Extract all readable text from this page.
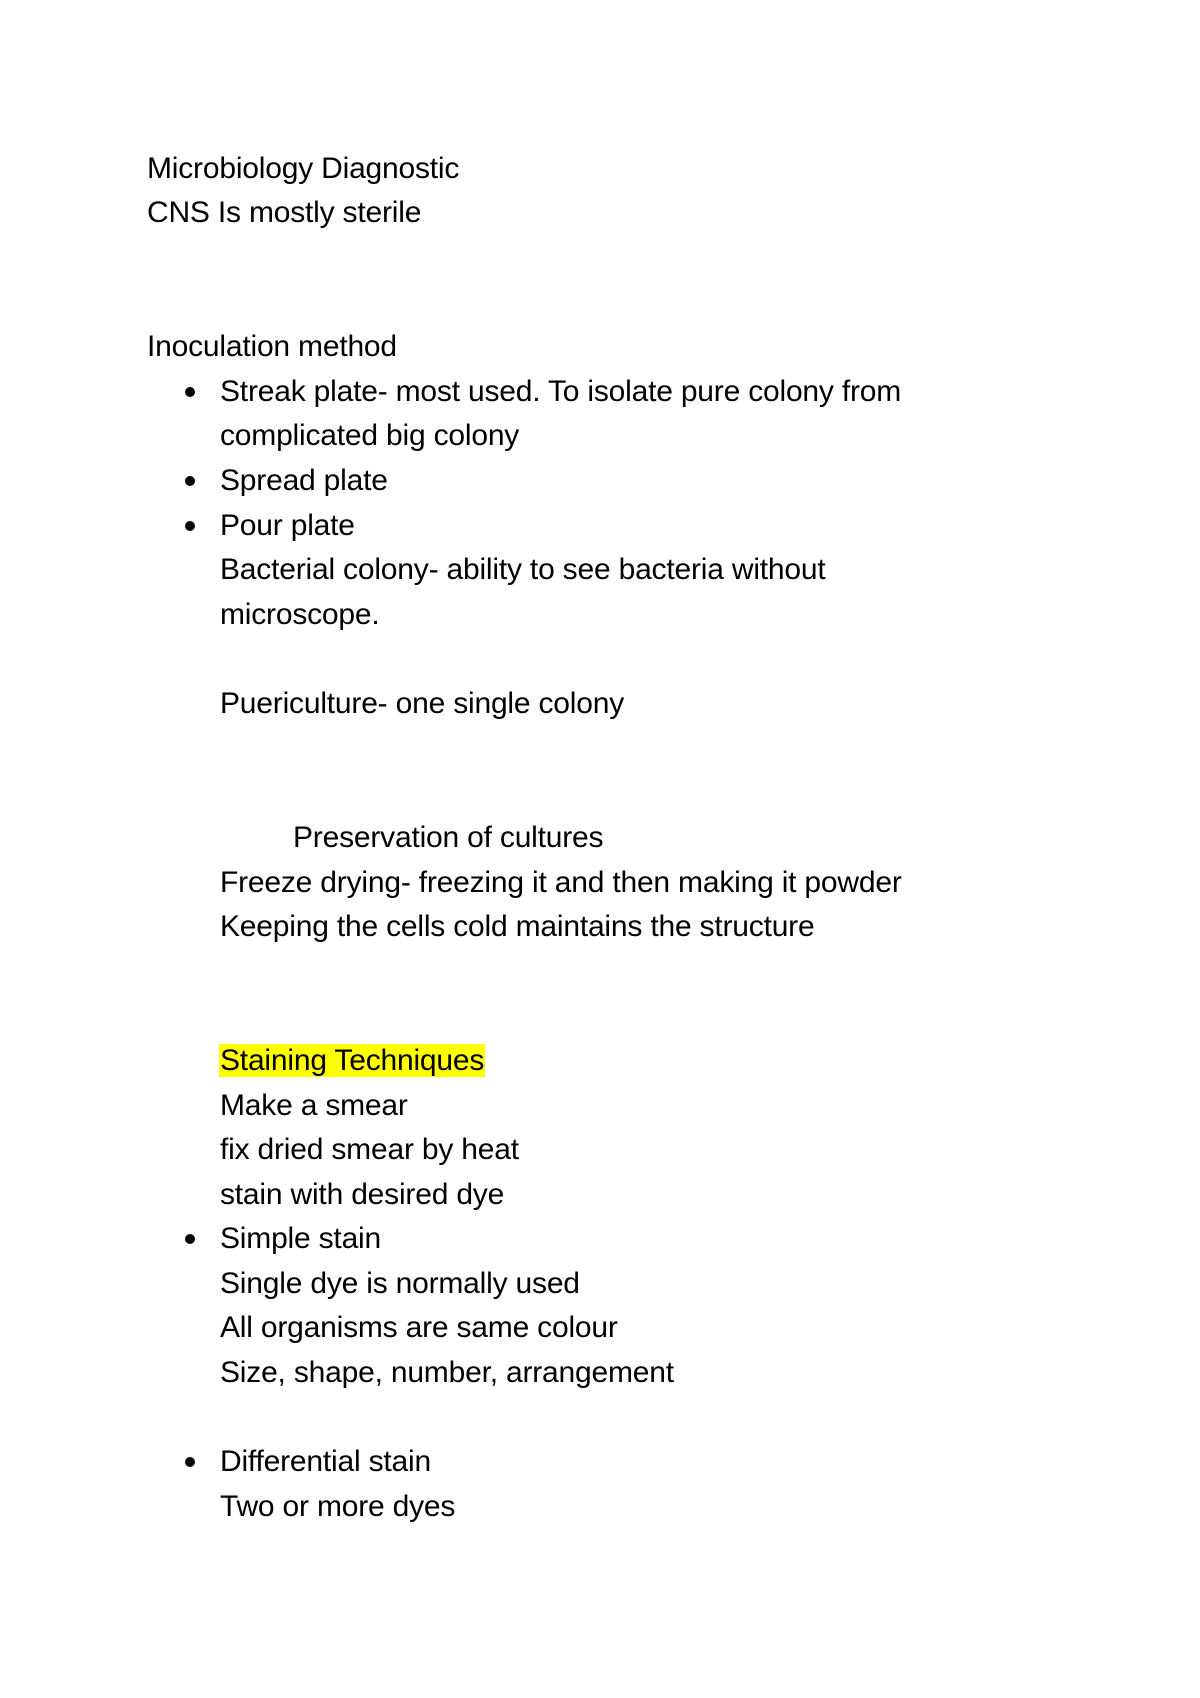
Microbiology Diagnostic
CNS Is mostly sterile
Inoculation method
Streak plate- most used. To isolate pure colony from
complicated big colony
Spread plate
Pour plate
Bacterial colony- ability to see bacteria without
microscope.
Puericulture- one single colony
Preservation of cultures
Freeze drying- freezing it and then making it powder
Keeping the cells cold maintains the structure
Staining Techniques
Make a smear
fix dried smear by heat
stain with desired dye
Simple stain
Single dye is normally used
All organisms are same colour
Size, shape, number, arrangement
Differential stain
Two or more dyes
